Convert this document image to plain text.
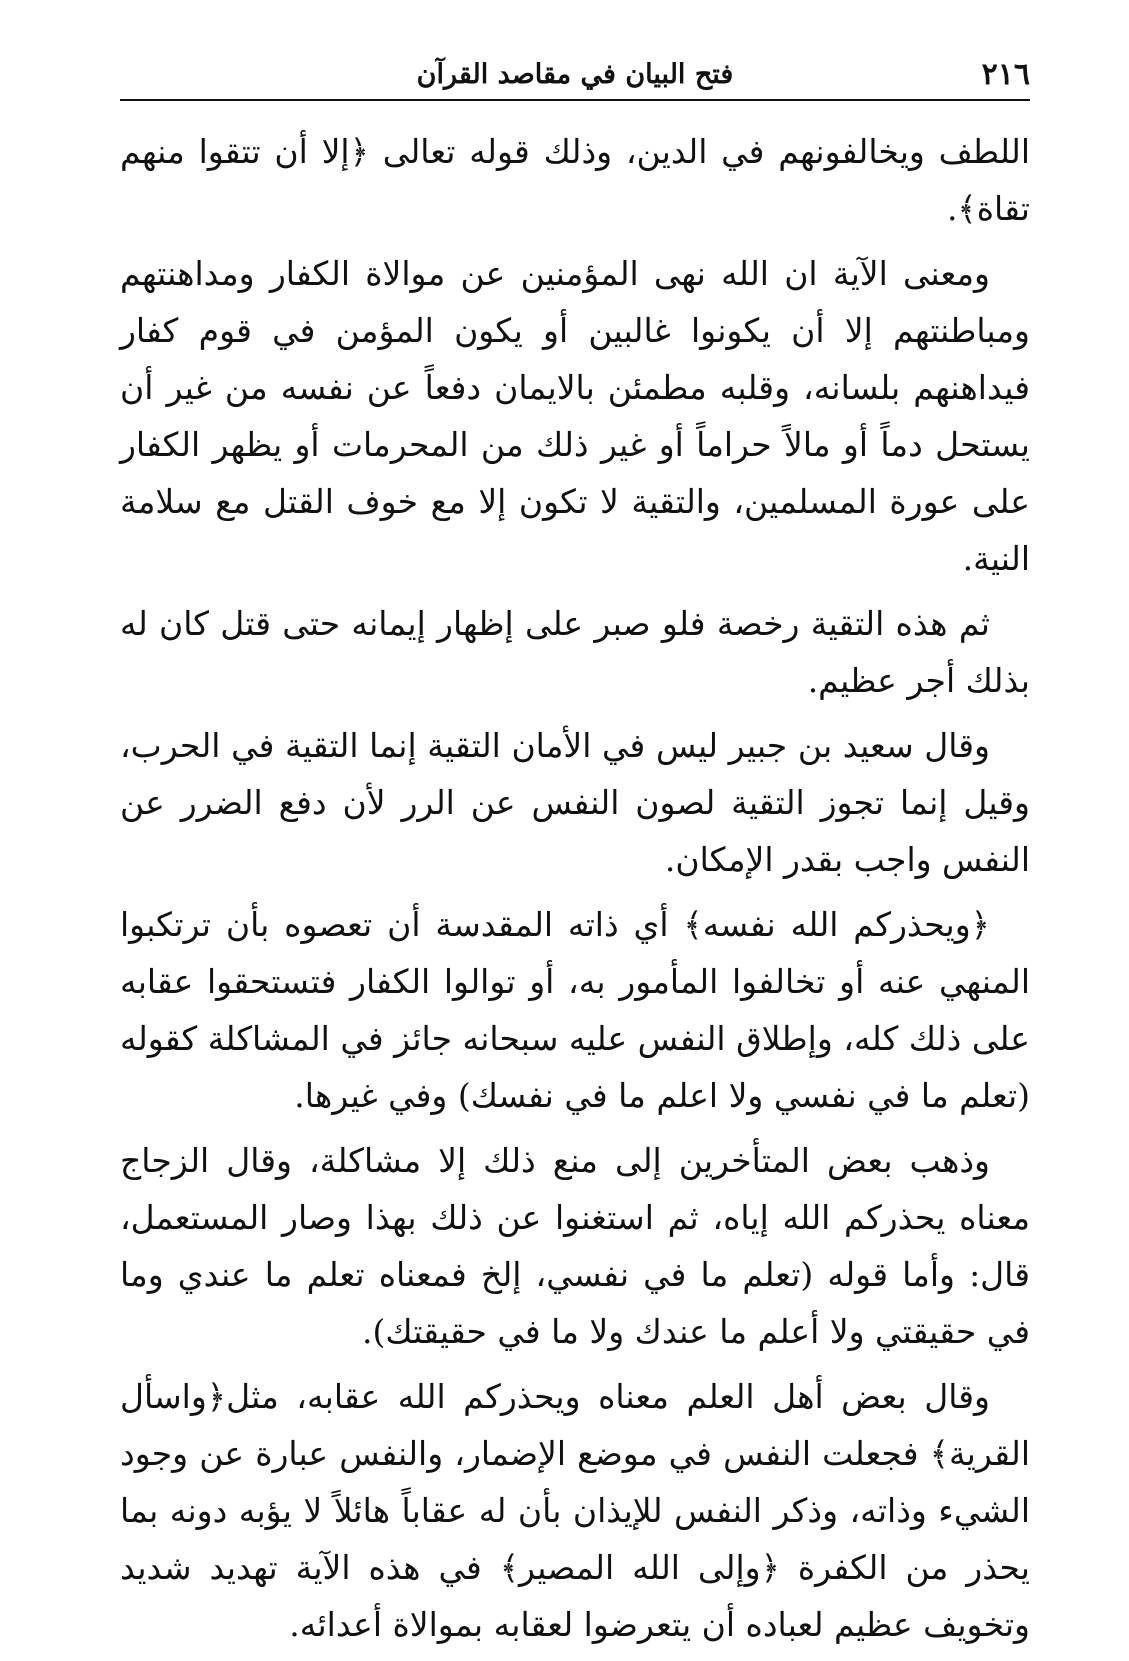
٢١٦
فتح البيان في مقاصد القرآن

اللطف ويخالفونهم في الدين، وذلك قوله تعالى ﴿إلا أن تتقوا منهم تقاة﴾.

ومعنى الآية ان الله نهى المؤمنين عن موالاة الكفار ومداهنتهم ومباطنتهم إلا أن يكونوا غالبين أو يكون المؤمن في قوم كفار فيداهنهم بلسانه، وقلبه مطمئن بالايمان دفعاً عن نفسه من غير أن يستحل دماً أو مالاً حراماً أو غير ذلك من المحرمات أو يظهر الكفار على عورة المسلمين، والتقية لا تكون إلا مع خوف القتل مع سلامة النية.

ثم هذه التقية رخصة فلو صبر على إظهار إيمانه حتى قتل كان له بذلك أجر عظيم.

وقال سعيد بن جبير ليس في الأمان التقية إنما التقية في الحرب، وقيل إنما تجوز التقية لصون النفس عن الرر لأن دفع الضرر عن النفس واجب بقدر الإمكان.

﴿ويحذركم الله نفسه﴾ أي ذاته المقدسة أن تعصوه بأن ترتكبوا المنهي عنه أو تخالفوا المأمور به، أو توالوا الكفار فتستحقوا عقابه على ذلك كله، وإطلاق النفس عليه سبحانه جائز في المشاكلة كقوله (تعلم ما في نفسي ولا اعلم ما في نفسك) وفي غيرها.

وذهب بعض المتأخرين إلى منع ذلك إلا مشاكلة، وقال الزجاج معناه يحذركم الله إياه، ثم استغنوا عن ذلك بهذا وصار المستعمل، قال: وأما قوله (تعلم ما في نفسي، إلخ فمعناه تعلم ما عندي وما في حقيقتي ولا أعلم ما عندك ولا ما في حقيقتك).

وقال بعض أهل العلم معناه ويحذركم الله عقابه، مثل﴿واسأل القرية﴾ فجعلت النفس في موضع الإضمار، والنفس عبارة عن وجود الشيء وذاته، وذكر النفس للإيذان بأن له عقاباً هائلاً لا يؤبه دونه بما يحذر من الكفرة ﴿وإلى الله المصير﴾ في هذه الآية تهديد شديد وتخويف عظيم لعباده أن يتعرضوا لعقابه بموالاة أعدائه.
